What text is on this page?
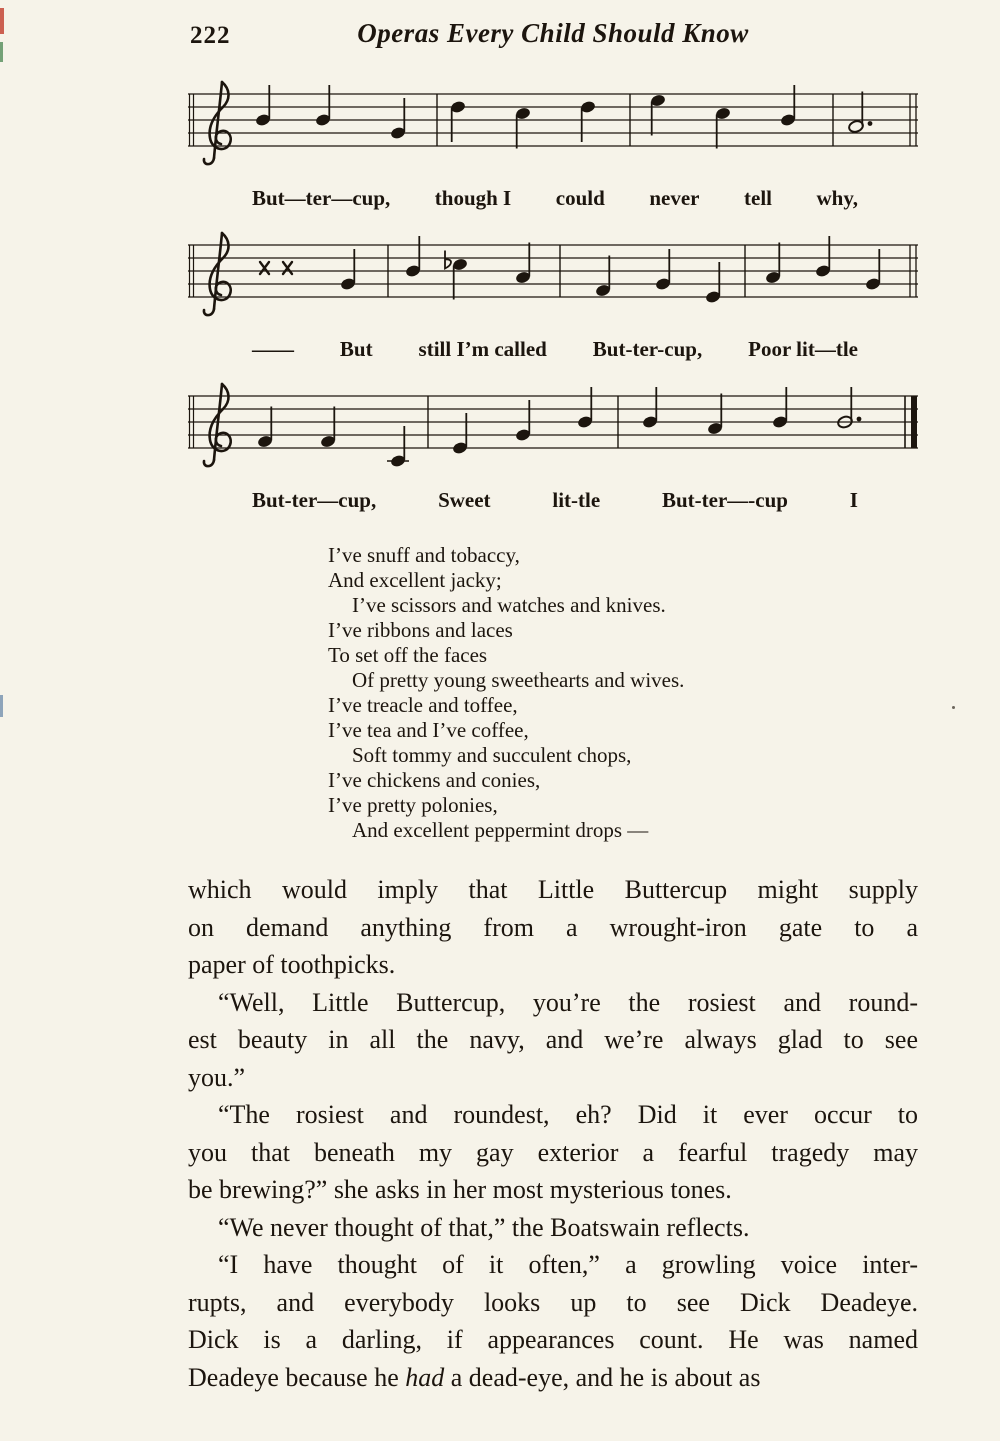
222	Operas Every Child Should Know
But—ter—cup, though I could never tell why,
—— But still I’m called But-ter-cup, Poor lit—tle
But-ter—cup,	Sweet	lit-tle	But-ter—-cup	I
I’ve snuff and tobaccy,
And excellent jacky;
I’ve scissors and watches and knives.
I’ve ribbons and laces
To set off the faces
Of pretty young sweethearts and wives.
I’ve treacle and toffee,
I’ve tea and I’ve coffee,
Soft tommy and succulent chops,
I’ve chickens and conies,
I’ve pretty polonies,
And excellent peppermint drops —
which would imply that Little Buttercup might supply
on demand anything from a wrought-iron gate to a
paper of toothpicks.
“Well, Little Buttercup, you’re the rosiest and round-
est beauty in all the navy, and we’re always glad to see
you.”
“The rosiest and roundest, eh? Did it ever occur to
you that beneath my gay exterior a fearful tragedy may
be brewing?” she asks in her most mysterious tones.
“We never thought of that,” the Boatswain reflects.
“I have thought of it often,” a growling voice inter-
rupts, and everybody looks up to see Dick Deadeye.
Dick is a darling, if appearances count. He was named
Deadeye because he had a dead-eye, and he is about as
